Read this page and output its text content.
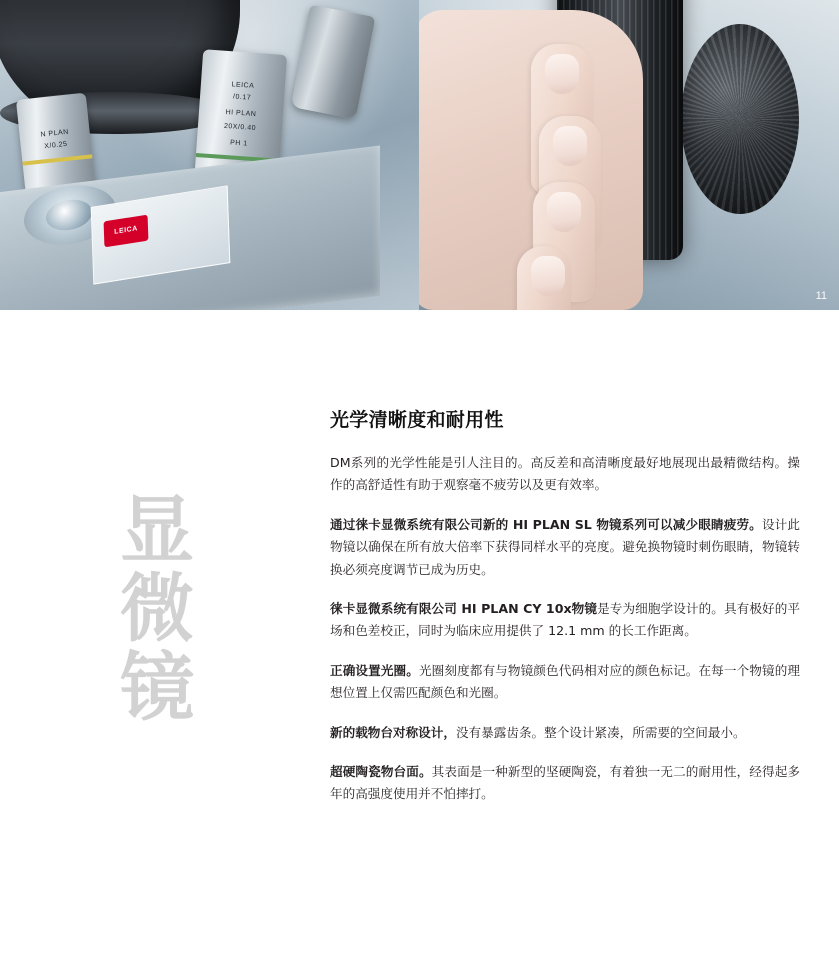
N PLAN
X/0.25
LEICA
/0.17
HI PLAN
20X/0.40
PH 1
LEICA
11
显
微
镜
光学清晰度和耐用性

DM系列的光学性能是引人注目的。高反差和高清晰度最好地展现出最精微结构。操作的高舒适性有助于观察毫不疲劳以及更有效率。

通过徕卡显微系统有限公司新的 HI PLAN SL 物镜系列可以减少眼睛疲劳。设计此物镜以确保在所有放大倍率下获得同样水平的亮度。避免换物镜时刺伤眼睛，物镜转换必须亮度调节已成为历史。

徕卡显微系统有限公司 HI PLAN CY 10x物镜是专为细胞学设计的。具有极好的平场和色差校正，同时为临床应用提供了 12.1 mm 的长工作距离。

正确设置光圈。光圈刻度都有与物镜颜色代码相对应的颜色标记。在每一个物镜的理想位置上仅需匹配颜色和光圈。

新的载物台对称设计，没有暴露齿条。整个设计紧凑，所需要的空间最小。

超硬陶瓷物台面。其表面是一种新型的坚硬陶瓷，有着独一无二的耐用性，经得起多年的高强度使用并不怕摔打。
